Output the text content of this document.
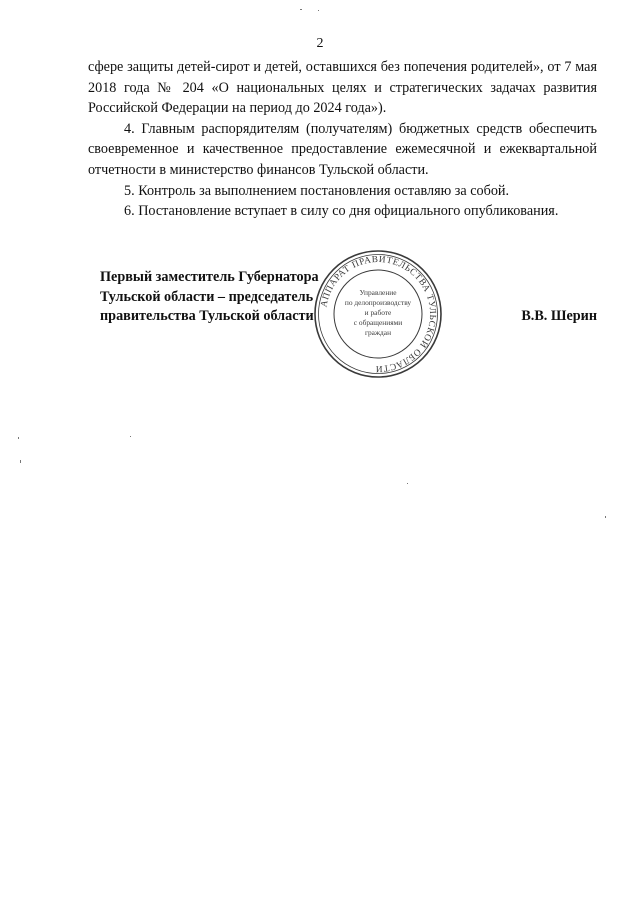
2

сфере защиты детей-сирот и детей, оставшихся без попечения родителей», от 7 мая 2018 года № 204 «О национальных целях и стратегических задачах развития Российской Федерации на период до 2024 года»).

4. Главным распорядителям (получателям) бюджетных средств обеспечить своевременное и качественное предоставление ежемесячной и ежеквартальной отчетности в министерство финансов Тульской области.

5. Контроль за выполнением постановления оставляю за собой.

6. Постановление вступает в силу со дня официального опубликования.

Первый заместитель Губернатора
Тульской области – председатель
правительства Тульской области	В.В. Шерин
АППАРАТ ПРАВИТЕЛЬСТВА ТУЛЬСКОЙ ОБЛАСТИ
Управление
по делопроизводству
и работе
с обращениями
граждан
